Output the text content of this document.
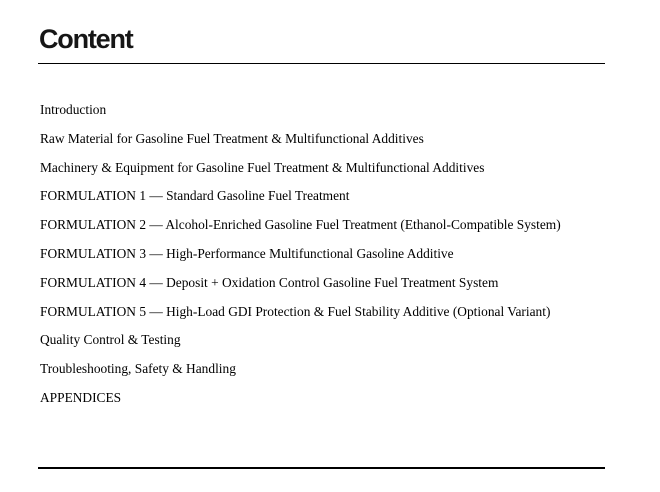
Content
Introduction
Raw Material for Gasoline Fuel Treatment & Multifunctional Additives
Machinery & Equipment for Gasoline Fuel Treatment & Multifunctional Additives
FORMULATION 1 — Standard Gasoline Fuel Treatment
FORMULATION 2 — Alcohol-Enriched Gasoline Fuel Treatment (Ethanol-Compatible System)
FORMULATION 3 — High-Performance Multifunctional Gasoline Additive
FORMULATION 4 — Deposit + Oxidation Control Gasoline Fuel Treatment System
FORMULATION 5 — High-Load GDI Protection & Fuel Stability Additive (Optional Variant)
Quality Control & Testing
Troubleshooting, Safety & Handling
APPENDICES
